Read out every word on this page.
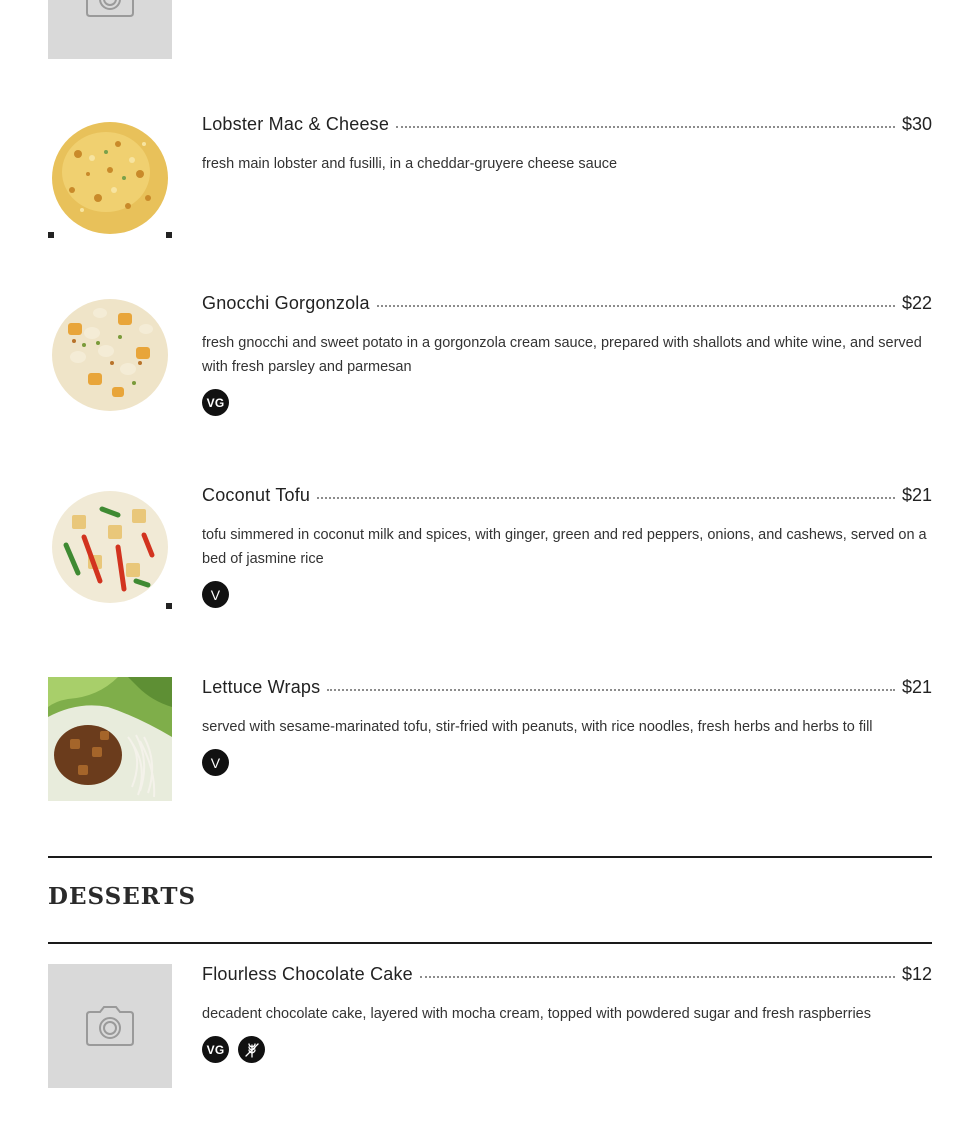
Lobster Mac & Cheese	$30
fresh main lobster and fusilli, in a cheddar-gruyere cheese sauce
Gnocchi Gorgonzola	$22
fresh gnocchi and sweet potato in a gorgonzola cream sauce, prepared with shallots and white wine, and served with fresh parsley and parmesan
VG
Coconut Tofu	$21
tofu simmered in coconut milk and spices, with ginger, green and red peppers, onions, and cashews, served on a bed of jasmine rice
V
Lettuce Wraps	$21
served with sesame-marinated tofu, stir-fried with peanuts, with rice noodles, fresh herbs and herbs to fill
V
DESSERTS
Flourless Chocolate Cake	$12
decadent chocolate cake, layered with mocha cream, topped with powdered sugar and fresh raspberries
VG
